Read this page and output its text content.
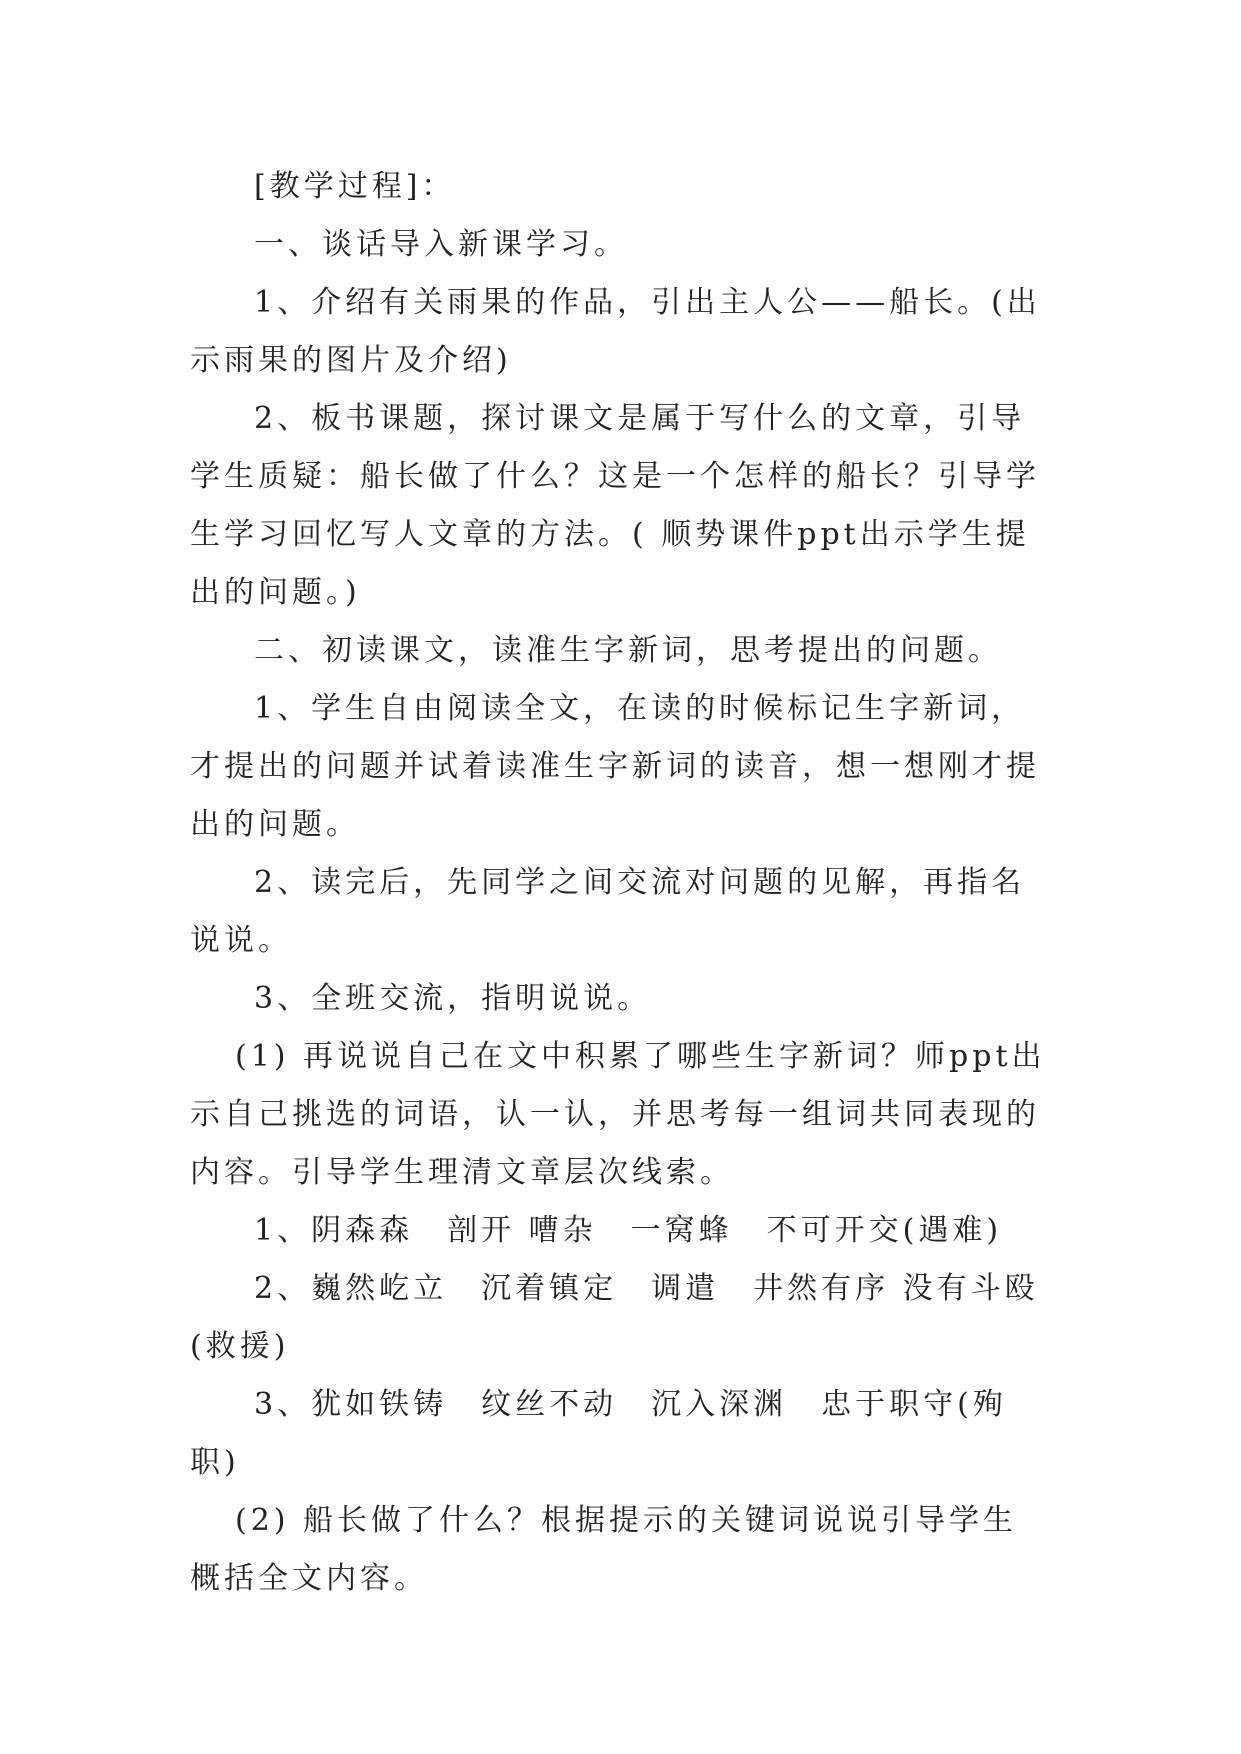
[教学过程]：

一、谈话导入新课学习。

1、介绍有关雨果的作品，引出主人公——船长。(出示雨果的图片及介绍)

2、板书课题，探讨课文是属于写什么的文章，引导学生质疑：船长做了什么？这是一个怎样的船长？引导学生学习回忆写人文章的方法。( 顺势课件ppt出示学生提出的问题。)

二、初读课文，读准生字新词，思考提出的问题。

1、学生自由阅读全文，在读的时候标记生字新词，才提出的问题并试着读准生字新词的读音，想一想刚才提出的问题。

2、读完后，先同学之间交流对问题的见解，再指名说说。

3、全班交流，指明说说。

(1) 再说说自己在文中积累了哪些生字新词？师ppt出示自己挑选的词语，认一认，并思考每一组词共同表现的内容。引导学生理清文章层次线索。

1、阴森森　剖开 嘈杂　一窝蜂　不可开交(遇难)

2、巍然屹立　沉着镇定　调遣　井然有序 没有斗殴(救援)

3、犹如铁铸　纹丝不动　沉入深渊　忠于职守(殉职)

(2) 船长做了什么？根据提示的关键词说说引导学生概括全文内容。
